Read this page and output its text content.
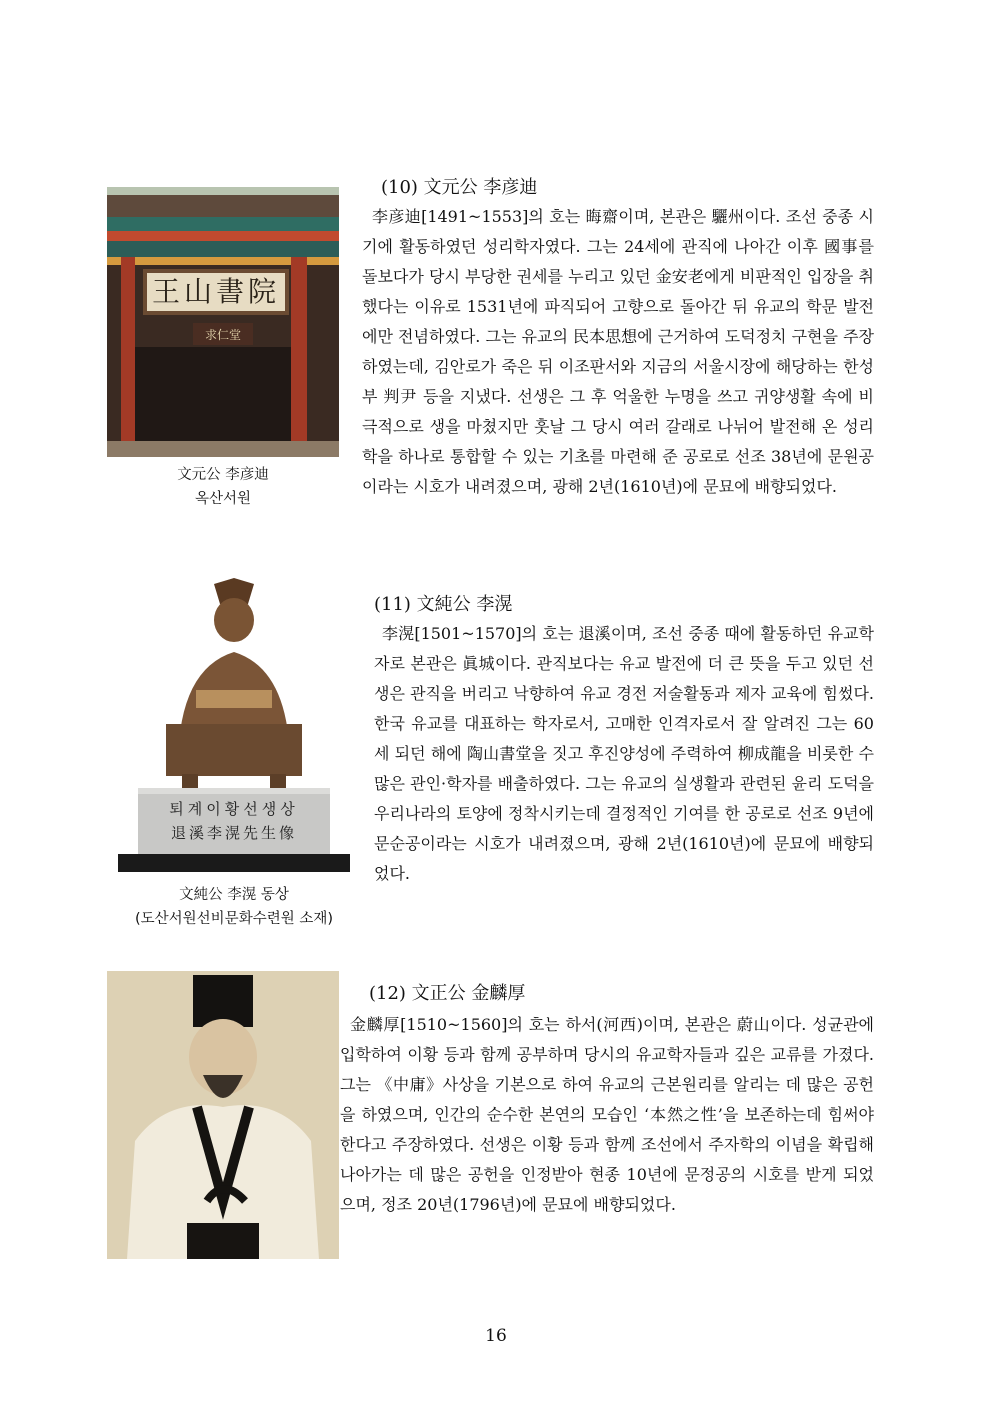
王山書院
求仁堂
文元公 李彦迪
옥산서원
(10) 文元公 李彦迪

李彦迪[1491~1553]의 호는 晦齋이며, 본관은 驪州이다. 조선 중종 시기에 활동하였던 성리학자였다. 그는 24세에 관직에 나아간 이후 國事를 돌보다가 당시 부당한 권세를 누리고 있던 金安老에게 비판적인 입장을 취했다는 이유로 1531년에 파직되어 고향으로 돌아간 뒤 유교의 학문 발전에만 전념하였다. 그는 유교의 民本思想에 근거하여 도덕정치 구현을 주장하였는데, 김안로가 죽은 뒤 이조판서와 지금의 서울시장에 해당하는 한성부 判尹 등을 지냈다. 선생은 그 후 억울한 누명을 쓰고 귀양생활 속에 비극적으로 생을 마쳤지만 훗날 그 당시 여러 갈래로 나뉘어 발전해 온 성리학을 하나로 통합할 수 있는 기초를 마련해 준 공로로 선조 38년에 문원공이라는 시호가 내려졌으며, 광해 2년(1610년)에 문묘에 배향되었다.

퇴계이황선생상
退溪李滉先生像
文純公 李滉 동상
(도산서원선비문화수련원 소재)
(11) 文純公 李滉

李滉[1501~1570]의 호는 退溪이며, 조선 중종 때에 활동하던 유교학자로 본관은 眞城이다. 관직보다는 유교 발전에 더 큰 뜻을 두고 있던 선생은 관직을 버리고 낙향하여 유교 경전 저술활동과 제자 교육에 힘썼다. 한국 유교를 대표하는 학자로서, 고매한 인격자로서 잘 알려진 그는 60세 되던 해에 陶山書堂을 짓고 후진양성에 주력하여 柳成龍을 비롯한 수많은 관인·학자를 배출하였다. 그는 유교의 실생활과 관련된 윤리 도덕을 우리나라의 토양에 정착시키는데 결정적인 기여를 한 공로로 선조 9년에 문순공이라는 시호가 내려졌으며, 광해 2년(1610년)에 문묘에 배향되었다.

(12) 文正公 金麟厚

金麟厚[1510~1560]의 호는 하서(河西)이며, 본관은 蔚山이다. 성균관에 입학하여 이황 등과 함께 공부하며 당시의 유교학자들과 깊은 교류를 가졌다. 그는 《中庸》사상을 기본으로 하여 유교의 근본원리를 알리는 데 많은 공헌을 하였으며, 인간의 순수한 본연의 모습인 ‘本然之性’을 보존하는데 힘써야 한다고 주장하였다. 선생은 이황 등과 함께 조선에서 주자학의 이념을 확립해 나아가는 데 많은 공헌을 인정받아 현종 10년에 문정공의 시호를 받게 되었으며, 정조 20년(1796년)에 문묘에 배향되었다.

16
